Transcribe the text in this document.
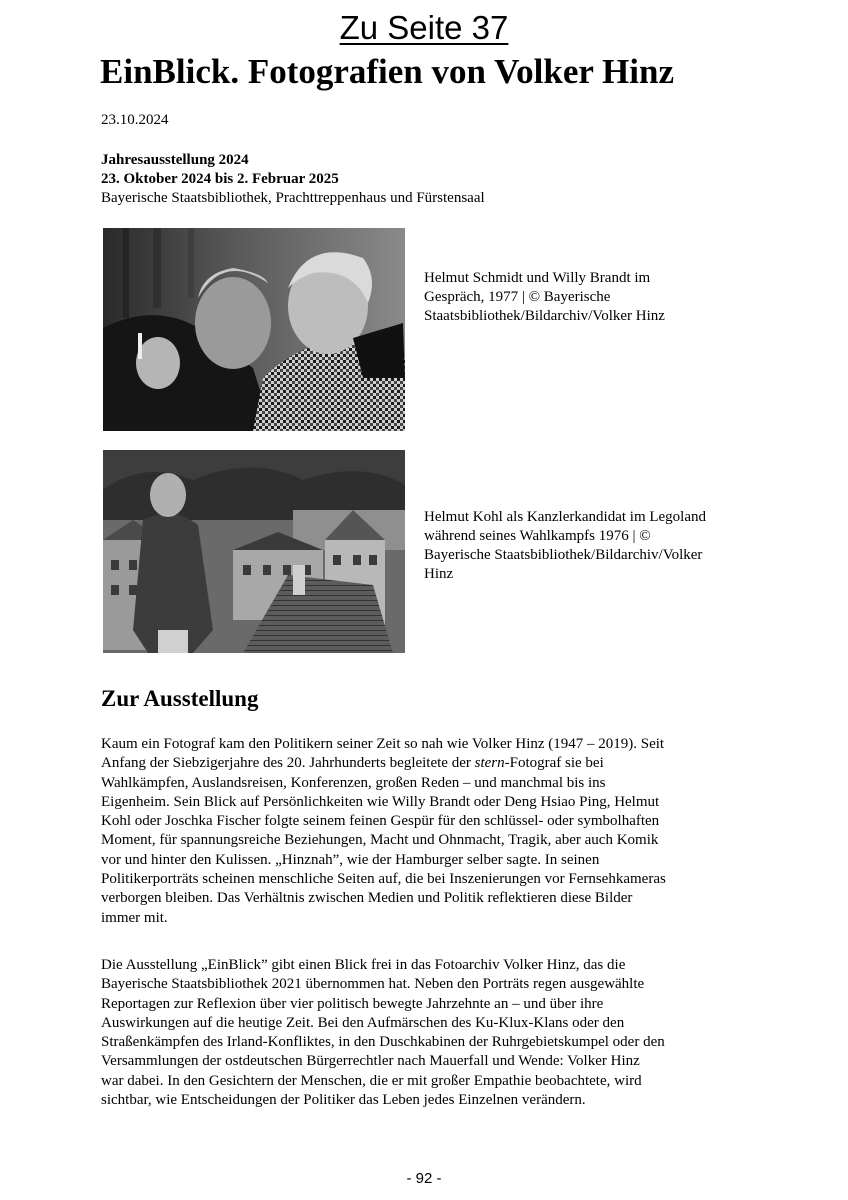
Zu Seite 37
EinBlick. Fotografien von Volker Hinz
23.10.2024
Jahresausstellung 2024
23. Oktober 2024 bis 2. Februar 2025
Bayerische Staatsbibliothek, Prachttreppenhaus und Fürstensaal
Helmut Schmidt und Willy Brandt im
Gespräch, 1977 | © Bayerische
Staatsbibliothek/Bildarchiv/Volker Hinz
Helmut Kohl als Kanzlerkandidat im Legoland
während seines Wahlkampfs 1976 | ©
Bayerische Staatsbibliothek/Bildarchiv/Volker
Hinz
Zur Ausstellung

Kaum ein Fotograf kam den Politikern seiner Zeit so nah wie Volker Hinz (1947 – 2019). Seit
Anfang der Siebzigerjahre des 20. Jahrhunderts begleitete der stern-Fotograf sie bei
Wahlkämpfen, Auslandsreisen, Konferenzen, großen Reden – und manchmal bis ins
Eigenheim. Sein Blick auf Persönlichkeiten wie Willy Brandt oder Deng Hsiao Ping, Helmut
Kohl oder Joschka Fischer folgte seinem feinen Gespür für den schlüssel- oder symbolhaften
Moment, für spannungsreiche Beziehungen, Macht und Ohnmacht, Tragik, aber auch Komik
vor und hinter den Kulissen. „Hinznah”, wie der Hamburger selber sagte. In seinen
Politikerporträts scheinen menschliche Seiten auf, die bei Inszenierungen vor Fernsehkameras
verborgen bleiben. Das Verhältnis zwischen Medien und Politik reflektieren diese Bilder
immer mit.

Die Ausstellung „EinBlick” gibt einen Blick frei in das Fotoarchiv Volker Hinz, das die
Bayerische Staatsbibliothek 2021 übernommen hat. Neben den Porträts regen ausgewählte
Reportagen zur Reflexion über vier politisch bewegte Jahrzehnte an – und über ihre
Auswirkungen auf die heutige Zeit. Bei den Aufmärschen des Ku-Klux-Klans oder den
Straßenkämpfen des Irland-Konfliktes, in den Duschkabinen der Ruhrgebietskumpel oder den
Versammlungen der ostdeutschen Bürgerrechtler nach Mauerfall und Wende: Volker Hinz
war dabei. In den Gesichtern der Menschen, die er mit großer Empathie beobachtete, wird
sichtbar, wie Entscheidungen der Politiker das Leben jedes Einzelnen verändern.

- 92 -
